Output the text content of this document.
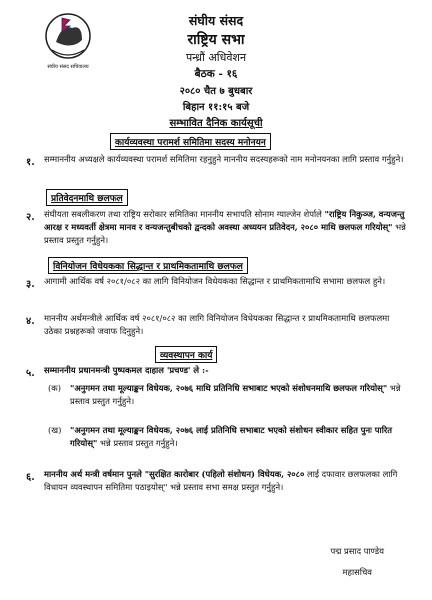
संघीय संसद सचिवालय
संघीय संसद
राष्ट्रिय सभा
पन्ध्रौं अधिवेशन
बैठक - १६
२०८० चैत ७ बुधबार
बिहान ११:१५ बजे
सम्भावित दैनिक कार्यसूची
कार्यव्यवस्था परामर्श समितिमा सदस्य मनोनयन
१. सम्माननीय अध्यक्षले कार्यव्यवस्था परामर्श समितिमा रहनुहुने माननीय सदस्यहरूको नाम मनोनयनका लागि प्रस्ताव गर्नुहुने।
प्रतिवेदनमाथि छलफल
२. संघीयता सबलीकरण तथा राष्ट्रिय सरोकार समितिका माननीय सभापति सोनाम ग्याल्जेन शेर्पाले "राष्ट्रिय निकुञ्ज, वन्यजन्तु आरक्ष र मध्यवर्ती क्षेत्रमा मानव र वन्यजन्तुबीचको द्वन्दको अवस्था अध्ययन प्रतिवेदन, २०८० माथि छलफल गरियोस्" भन्ने प्रस्ताव प्रस्तुत गर्नुहुने।
विनियोजन विधेयकका सिद्धान्त र प्राथमिकतामाथि छलफल
३. आगामी आर्थिक वर्ष २०८१/०८२ का लागि विनियोजन विधेयकका सिद्धान्त र प्राथमिकतामाथि सभामा छलफल हुने।
४. माननीय अर्थमन्त्रीले आर्थिक वर्ष २०८१/०८२ का लागि विनियोजन विधेयकका सिद्धान्त र प्राथमिकतामाथि छलफलमा उठेका प्रश्नहरूको जवाफ दिनुहुने।
व्यवस्थापन कार्य
५. सम्माननीय प्रधानमन्त्री पुष्पकमल दाहाल 'प्रचण्ड' ले :-
(क) "अनुगमन तथा मूल्याङ्कन विधेयक, २०७६ माथि प्रतिनिधि सभाबाट भएको संशोधनमाथि छलफल गरियोस्" भन्ने प्रस्ताव प्रस्तुत गर्नुहुने।
(ख) "अनुगमन तथा मूल्याङ्कन विधेयक, २०७६ लाई प्रतिनिधि सभाबाट भएको संशोधन स्वीकार सहित पुनः पारित गरियोस्" भन्ने प्रस्ताव प्रस्तुत गर्नुहुने।
६. माननीय अर्थ मन्त्री वर्षमान पुनले "सुरक्षित कारोबार (पहिलो संशोधन) विधेयक, २०८० लाई दफावार छलफलका लागि विधायन व्यवस्थापन समितिमा पठाइयोस्" भन्ने प्रस्ताव सभा समक्ष प्रस्तुत गर्नुहुने।
पद्म प्रसाद पाण्डेय
महासचिव
